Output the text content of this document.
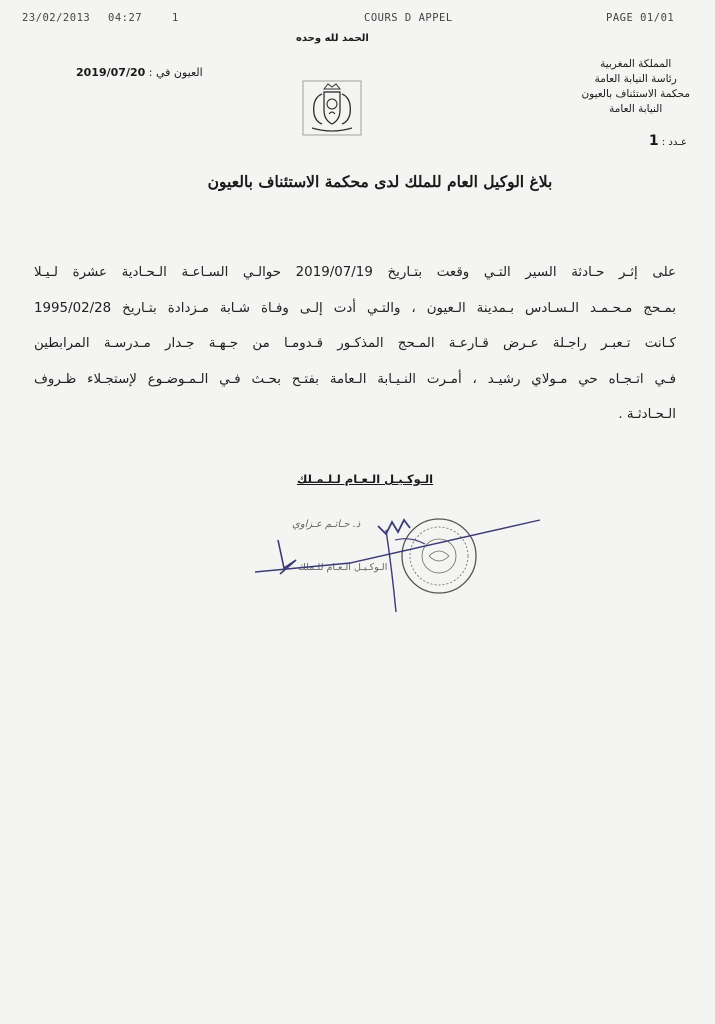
23/02/2013 04:27	1	COURS D APPEL	PAGE 01/01
الحمد لله وحده
المملكة المغربية
رئاسة النيابة العامة
محكمة الاستئناف بالعيون
النيابة العامة
عـدد : 1
العيون في : 2019/07/20
بلاغ الوكيل العام للملك لدى محكمة الاستئناف بالعيون
على إثـر حـادثة السير التـي وقعت بتـاريخ 2019/07/19 حوالـي السـاعـة الـحـادية عشرة لـيـلا
بمـحج مـحـمـد الـسـادس بـمدينة الـعيون ، والتـي أدت إلـى وفـاة شـابة مـزدادة بتـاريخ 1995/02/28
كـانت تـعبـر راجـلة عـرض قـارعـة المـحج المذكـور قـدومـا من جـهـة جـدار مـدرسـة المرابطين
فـي اتـجـاه حي مـولاي رشيـد ، أمـرت النـيـابة الـعامة بفتـح بحـث فـي الـمـوضـوع لإستجـلاء ظـروف
الـحـادثـة .
الـوكـيـل الـعـام لـلـمـلك
ذ. حـاتـم عـزاوي
الـوكـيـل الـعـام للـملك
